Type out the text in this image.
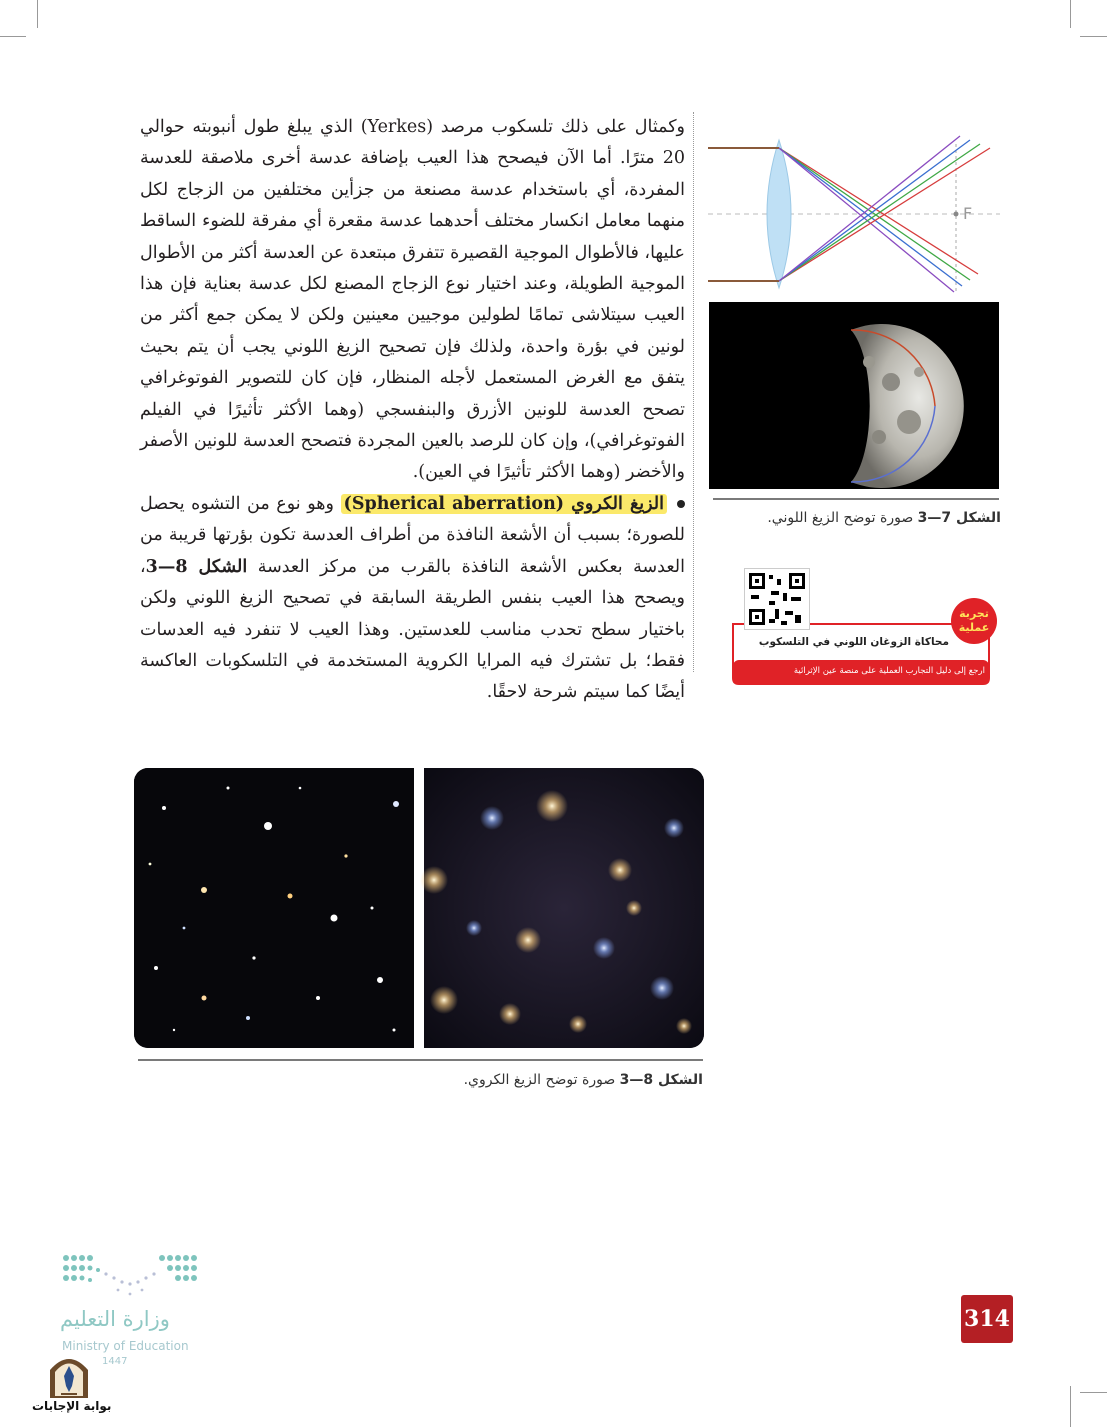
وكمثال على ذلك تلسكوب مرصد (Yerkes) الذي يبلغ طول أنبوبته حوالي 20 مترًا. أما الآن فيصحح هذا العيب بإضافة عدسة أخرى ملاصقة للعدسة المفردة، أي باستخدام عدسة مصنعة من جزأين مختلفين من الزجاج لكل منهما معامل انكسار مختلف أحدهما عدسة مقعرة أي مفرقة للضوء الساقط عليها، فالأطوال الموجية القصيرة تتفرق مبتعدة عن العدسة أكثر من الأطوال الموجية الطويلة، وعند اختيار نوع الزجاج المصنع لكل عدسة بعناية فإن هذا العيب سيتلاشى تمامًا لطولين موجيين معينين ولكن لا يمكن جمع أكثر من لونين في بؤرة واحدة، ولذلك فإن تصحيح الزيغ اللوني يجب أن يتم بحيث يتفق مع الغرض المستعمل لأجله المنظار، فإن كان للتصوير الفوتوغرافي تصحح العدسة للونين الأزرق والبنفسجي (وهما الأكثر تأثيرًا في الفيلم الفوتوغرافي)، وإن كان للرصد بالعين المجردة فتصحح العدسة للونين الأصفر والأخضر (وهما الأكثر تأثيرًا في العين).

الزيغ الكروي (Spherical aberration) وهو نوع من التشوه يحصل للصورة؛ بسبب أن الأشعة النافذة من أطراف العدسة تكون بؤرتها قريبة من العدسة بعكس الأشعة النافذة بالقرب من مركز العدسة الشكل 8—3، ويصحح هذا العيب بنفس الطريقة السابقة في تصحيح الزيغ اللوني ولكن باختيار سطح تحدب مناسب للعدستين. وهذا العيب لا تنفرد فيه العدسات فقط؛ بل تشترك فيه المرايا الكروية المستخدمة في التلسكوبات العاكسة أيضًا كما سيتم شرحة لاحقًا.

F
الشكل 7—3 صورة توضح الزيغ اللوني.
تجربة عملية
محاكاة الزوغان اللوني في التلسكوب
ارجع إلى دليل التجارب العملية على منصة عين الإثرائية
الشكل 8—3 صورة توضح الزيغ الكروي.
وزارة التعليم
Ministry of Education
1447
بوابة الإجابات
314
